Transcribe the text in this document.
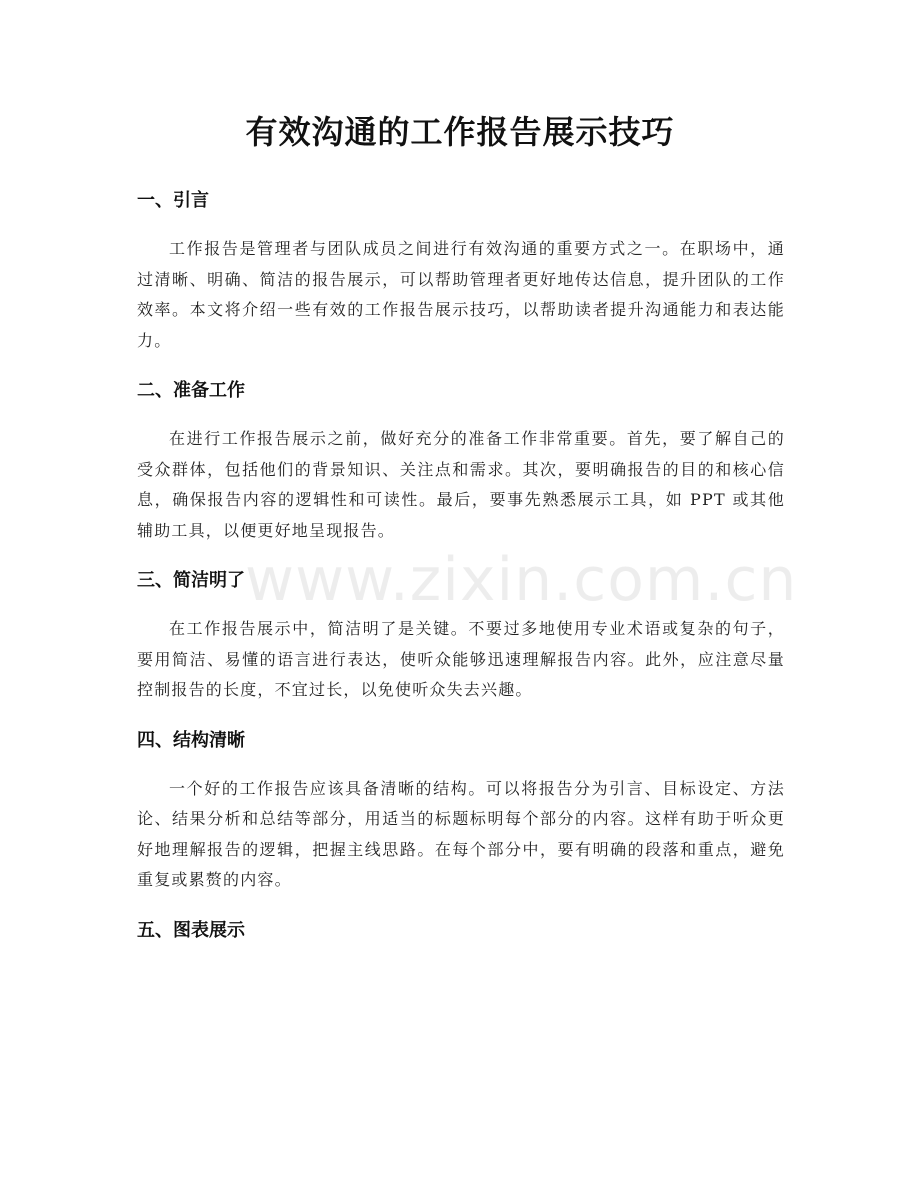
有效沟通的工作报告展示技巧
一、引言

工作报告是管理者与团队成员之间进行有效沟通的重要方式之一。在职场中，通过清晰、明确、简洁的报告展示，可以帮助管理者更好地传达信息，提升团队的工作效率。本文将介绍一些有效的工作报告展示技巧，以帮助读者提升沟通能力和表达能力。

二、准备工作

在进行工作报告展示之前，做好充分的准备工作非常重要。首先，要了解自己的受众群体，包括他们的背景知识、关注点和需求。其次，要明确报告的目的和核心信息，确保报告内容的逻辑性和可读性。最后，要事先熟悉展示工具，如 PPT 或其他辅助工具，以便更好地呈现报告。

三、简洁明了

在工作报告展示中，简洁明了是关键。不要过多地使用专业术语或复杂的句子，要用简洁、易懂的语言进行表达，使听众能够迅速理解报告内容。此外，应注意尽量控制报告的长度，不宜过长，以免使听众失去兴趣。

四、结构清晰

一个好的工作报告应该具备清晰的结构。可以将报告分为引言、目标设定、方法论、结果分析和总结等部分，用适当的标题标明每个部分的内容。这样有助于听众更好地理解报告的逻辑，把握主线思路。在每个部分中，要有明确的段落和重点，避免重复或累赘的内容。

五、图表展示
www.zixin.com.cn
